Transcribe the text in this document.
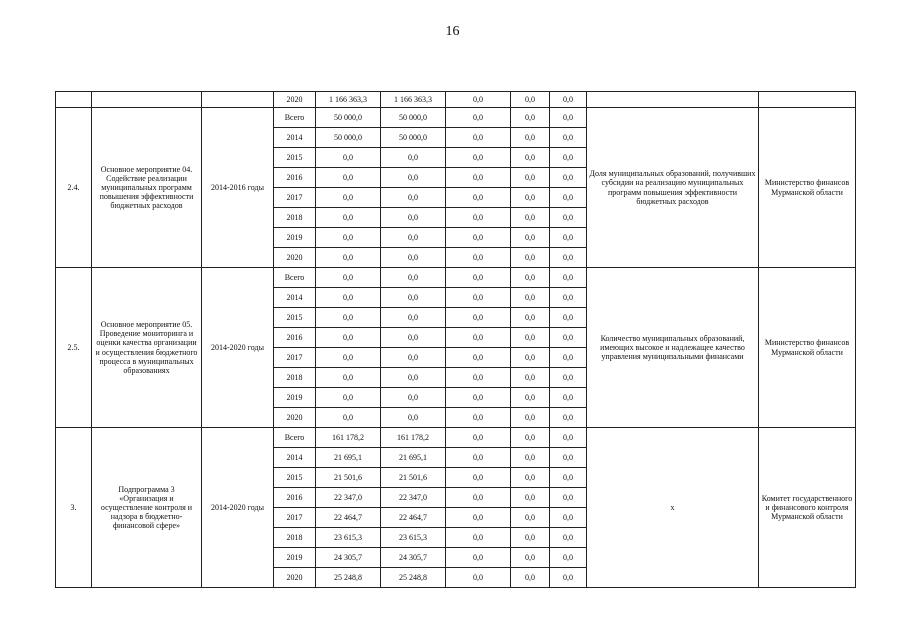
16
			2020	1 166 363,3	1 166 363,3	0,0	0,0	0,0		
2.4.	Основное мероприятие 04. Содействие реализации муниципальных программ повышения эффективности бюджетных расходов	2014-2016 годы	Всего	50 000,0	50 000,0	0,0	0,0	0,0	Доля муниципальных образований, получивших субсидии на реализацию муниципальных программ повышения эффективности бюджетных расходов	Министерство финансов Мурманской области
			2014	50 000,0	50 000,0	0,0	0,0	0,0		
			2015	0,0	0,0	0,0	0,0	0,0		
			2016	0,0	0,0	0,0	0,0	0,0		
			2017	0,0	0,0	0,0	0,0	0,0		
			2018	0,0	0,0	0,0	0,0	0,0		
			2019	0,0	0,0	0,0	0,0	0,0		
			2020	0,0	0,0	0,0	0,0	0,0		
2.5.	Основное мероприятие 05. Проведение мониторинга и оценки качества организации и осуществления бюджетного процесса в муниципальных образованиях	2014-2020 годы	Всего	0,0	0,0	0,0	0,0	0,0	Количество муниципальных образований, имеющих высокое и надлежащее качество управления муниципальными финансами	Министерство финансов Мурманской области
			2014	0,0	0,0	0,0	0,0	0,0		
			2015	0,0	0,0	0,0	0,0	0,0		
			2016	0,0	0,0	0,0	0,0	0,0		
			2017	0,0	0,0	0,0	0,0	0,0		
			2018	0,0	0,0	0,0	0,0	0,0		
			2019	0,0	0,0	0,0	0,0	0,0		
			2020	0,0	0,0	0,0	0,0	0,0		
3.	Подпрограмма 3 «Организация и осуществление контроля и надзора в бюджетно-финансовой сфере»	2014-2020 годы	Всего	161 178,2	161 178,2	0,0	0,0	0,0	х	Комитет государственного и финансового контроля Мурманской области
			2014	21 695,1	21 695,1	0,0	0,0	0,0		
			2015	21 501,6	21 501,6	0,0	0,0	0,0		
			2016	22 347,0	22 347,0	0,0	0,0	0,0		
			2017	22 464,7	22 464,7	0,0	0,0	0,0		
			2018	23 615,3	23 615,3	0,0	0,0	0,0		
			2019	24 305,7	24 305,7	0,0	0,0	0,0		
			2020	25 248,8	25 248,8	0,0	0,0	0,0		
